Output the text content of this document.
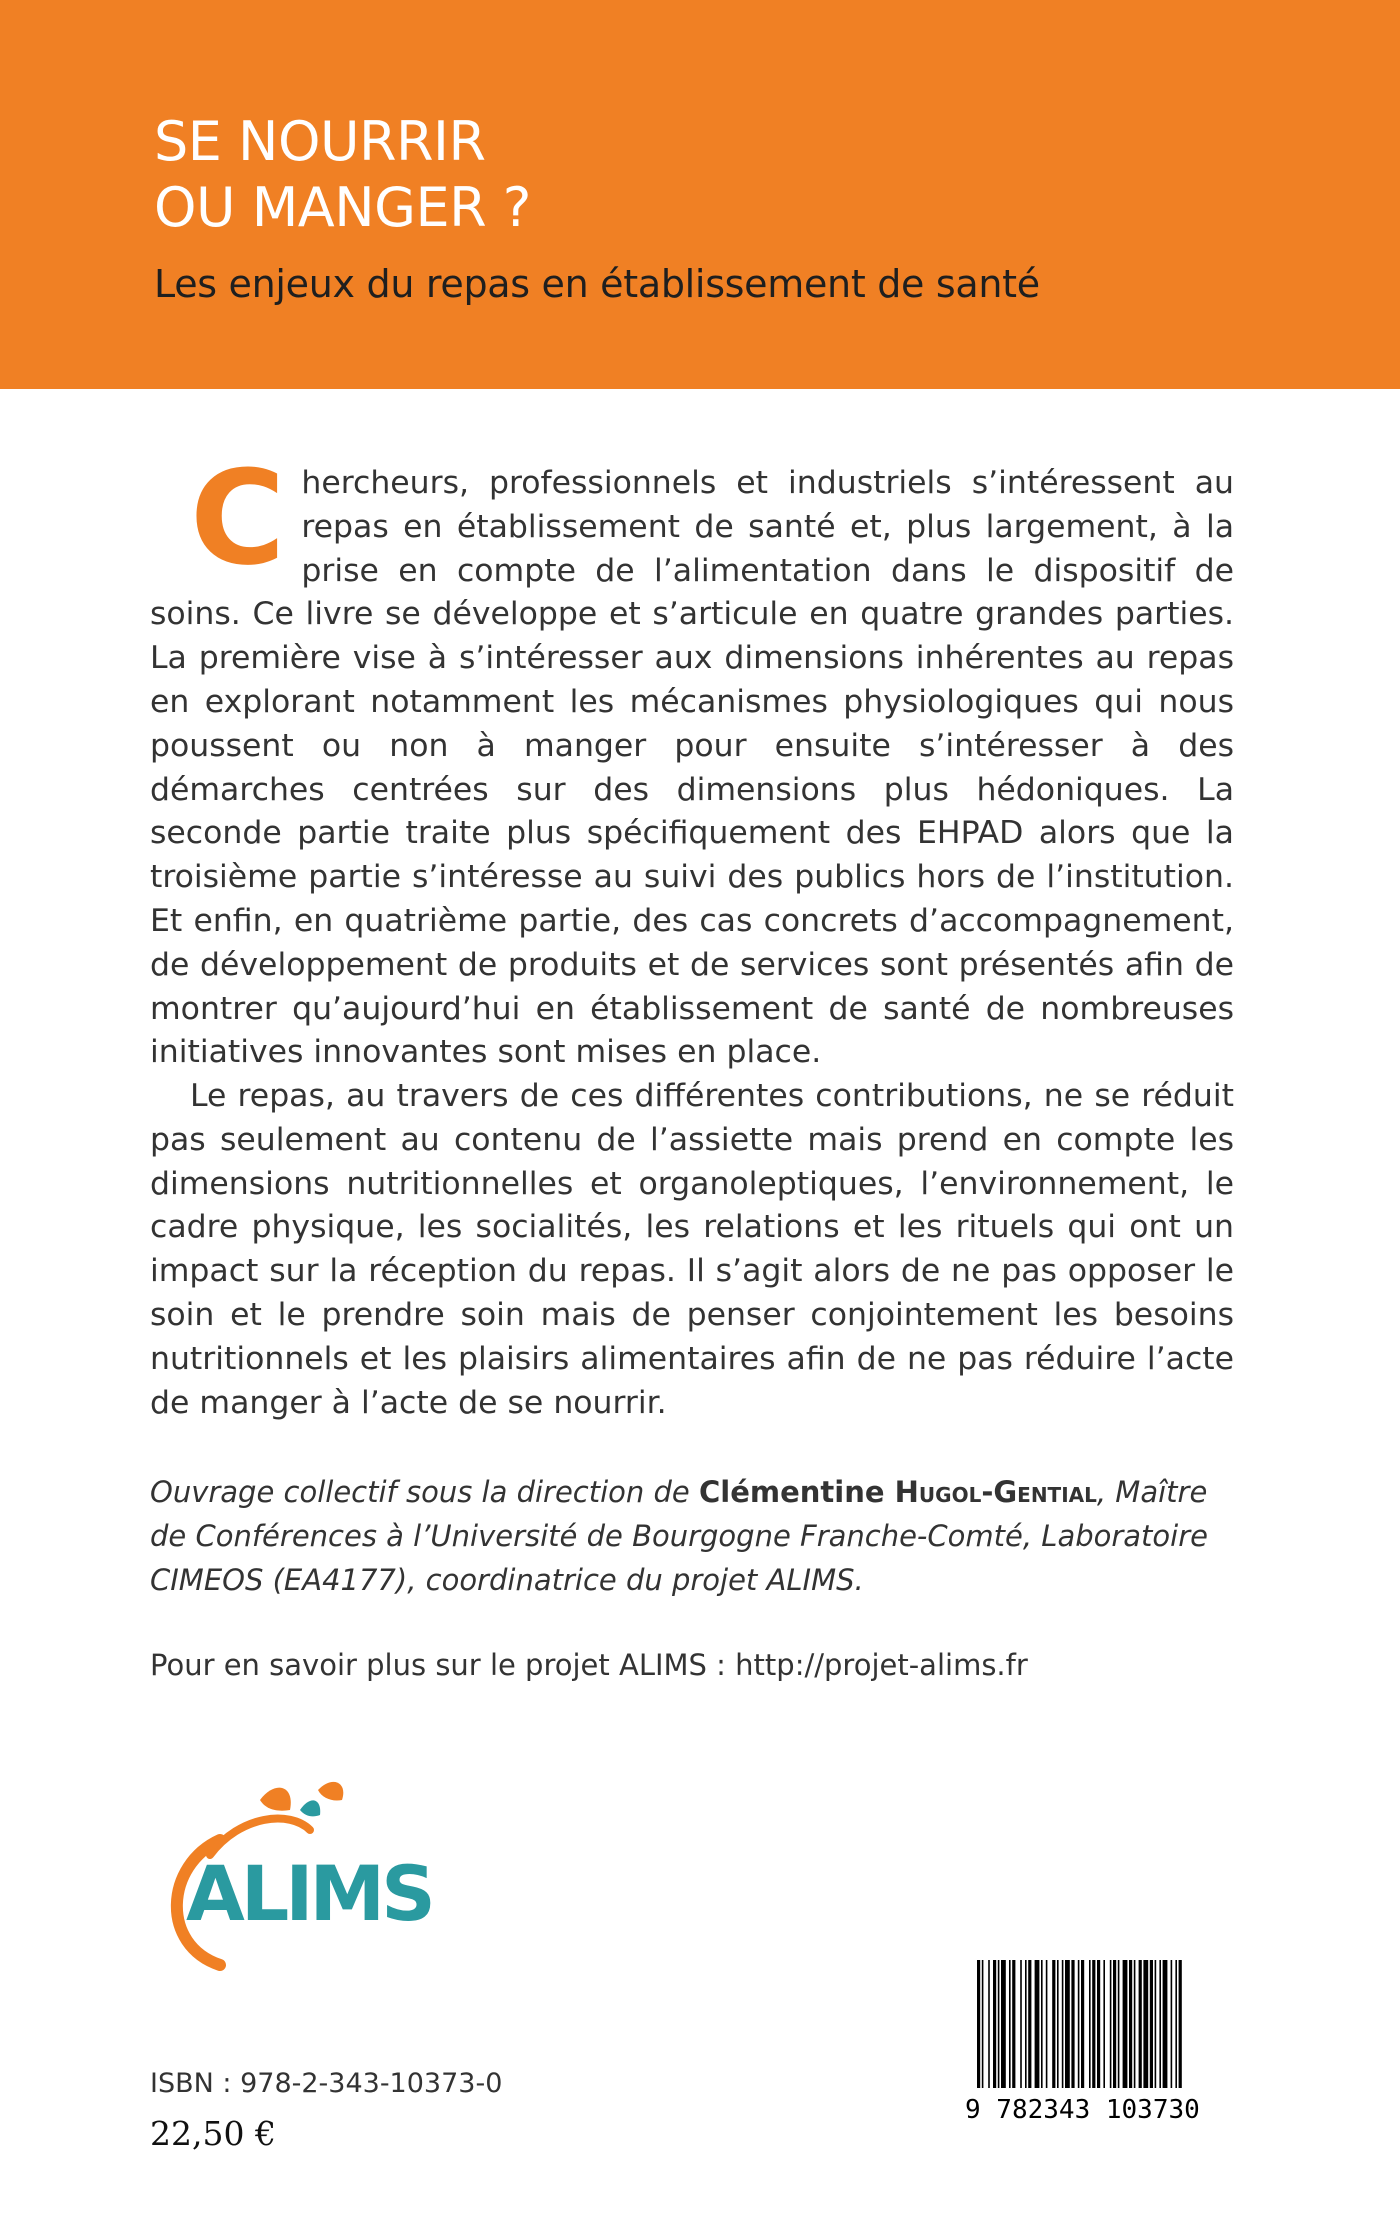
SE NOURRIR
OU MANGER ?
Les enjeux du repas en établissement de santé
Chercheurs, professionnels et industriels s’intéressent au repas en établissement de santé et, plus largement, à la prise en compte de l’alimentation dans le dispositif de soins. Ce livre se développe et s’articule en quatre grandes parties. La première vise à s’intéresser aux dimensions inhérentes au repas en explorant notamment les mécanismes physiologiques qui nous poussent ou non à manger pour ensuite s’intéresser à des démarches centrées sur des dimensions plus hédoniques. La seconde partie traite plus spécifiquement des EHPAD alors que la troisième partie s’intéresse au suivi des publics hors de l’institution. Et enfin, en quatrième partie, des cas concrets d’accompagnement, de développement de produits et de services sont présentés afin de montrer qu’aujourd’hui en établissement de santé de nombreuses initiatives innovantes sont mises en place.
Le repas, au travers de ces différentes contributions, ne se réduit pas seulement au contenu de l’assiette mais prend en compte les dimensions nutritionnelles et organoleptiques, l’environnement, le cadre physique, les socialités, les relations et les rituels qui ont un impact sur la réception du repas. Il s’agit alors de ne pas opposer le soin et le prendre soin mais de penser conjointement les besoins nutritionnels et les plaisirs alimentaires afin de ne pas réduire l’acte de manger à l’acte de se nourrir.
Ouvrage collectif sous la direction de Clémentine Hugol-Gential, Maître de Conférences à l’Université de Bourgogne Franche-Comté, Laboratoire CIMEOS (EA4177), coordinatrice du projet ALIMS.
Pour en savoir plus sur le projet ALIMS : http://projet-alims.fr
ALIMS
ISBN : 978-2-343-10373-0
22,50 €
9 782343 103730
